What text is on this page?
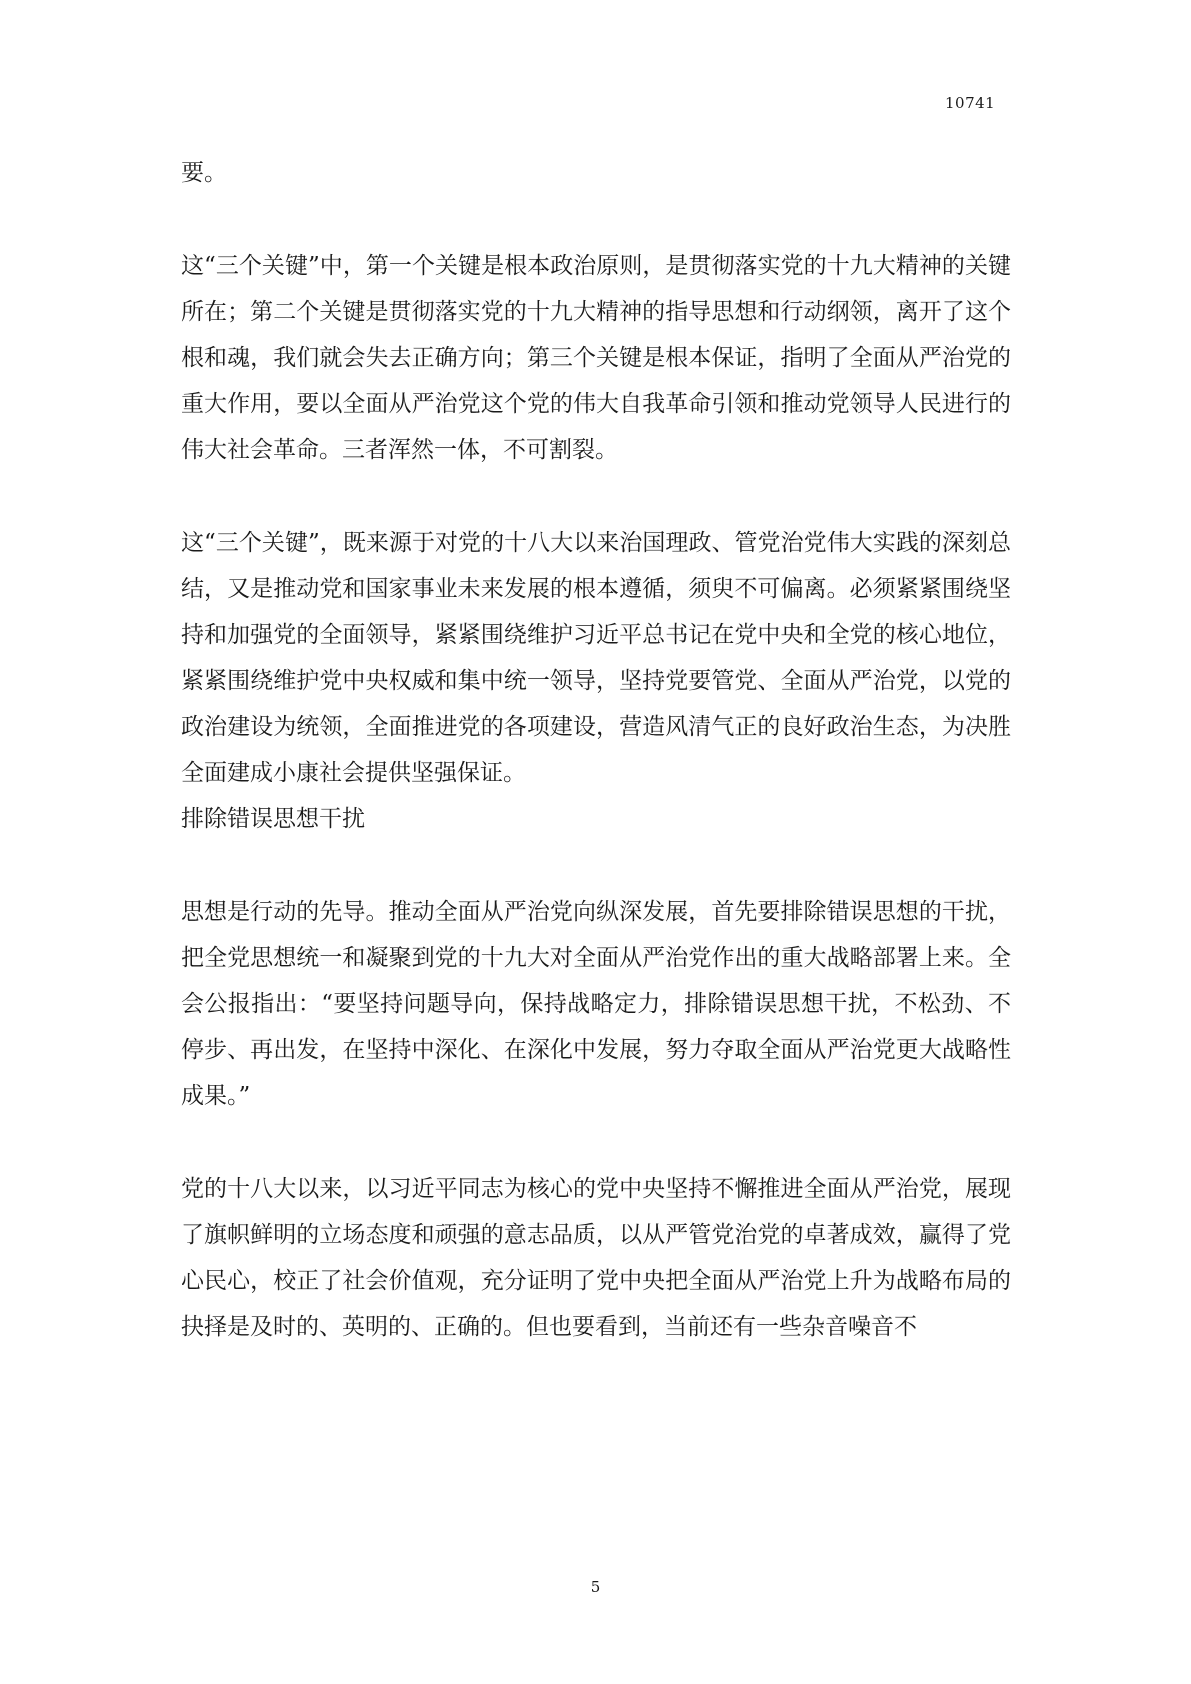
10741

要。

这“三个关键”中，第一个关键是根本政治原则，是贯彻落实党的十九大精神的关键所在；第二个关键是贯彻落实党的十九大精神的指导思想和行动纲领，离开了这个根和魂，我们就会失去正确方向；第三个关键是根本保证，指明了全面从严治党的重大作用，要以全面从严治党这个党的伟大自我革命引领和推动党领导人民进行的伟大社会革命。三者浑然一体，不可割裂。

这“三个关键”，既来源于对党的十八大以来治国理政、管党治党伟大实践的深刻总结，又是推动党和国家事业未来发展的根本遵循，须臾不可偏离。必须紧紧围绕坚持和加强党的全面领导，紧紧围绕维护习近平总书记在党中央和全党的核心地位，紧紧围绕维护党中央权威和集中统一领导，坚持党要管党、全面从严治党，以党的政治建设为统领，全面推进党的各项建设，营造风清气正的良好政治生态，为决胜全面建成小康社会提供坚强保证。

排除错误思想干扰

思想是行动的先导。推动全面从严治党向纵深发展，首先要排除错误思想的干扰，把全党思想统一和凝聚到党的十九大对全面从严治党作出的重大战略部署上来。全会公报指出：“要坚持问题导向，保持战略定力，排除错误思想干扰，不松劲、不停步、再出发，在坚持中深化、在深化中发展，努力夺取全面从严治党更大战略性成果。”

党的十八大以来，以习近平同志为核心的党中央坚持不懈推进全面从严治党，展现了旗帜鲜明的立场态度和顽强的意志品质，以从严管党治党的卓著成效，赢得了党心民心，校正了社会价值观，充分证明了党中央把全面从严治党上升为战略布局的抉择是及时的、英明的、正确的。但也要看到，当前还有一些杂音噪音不

5
